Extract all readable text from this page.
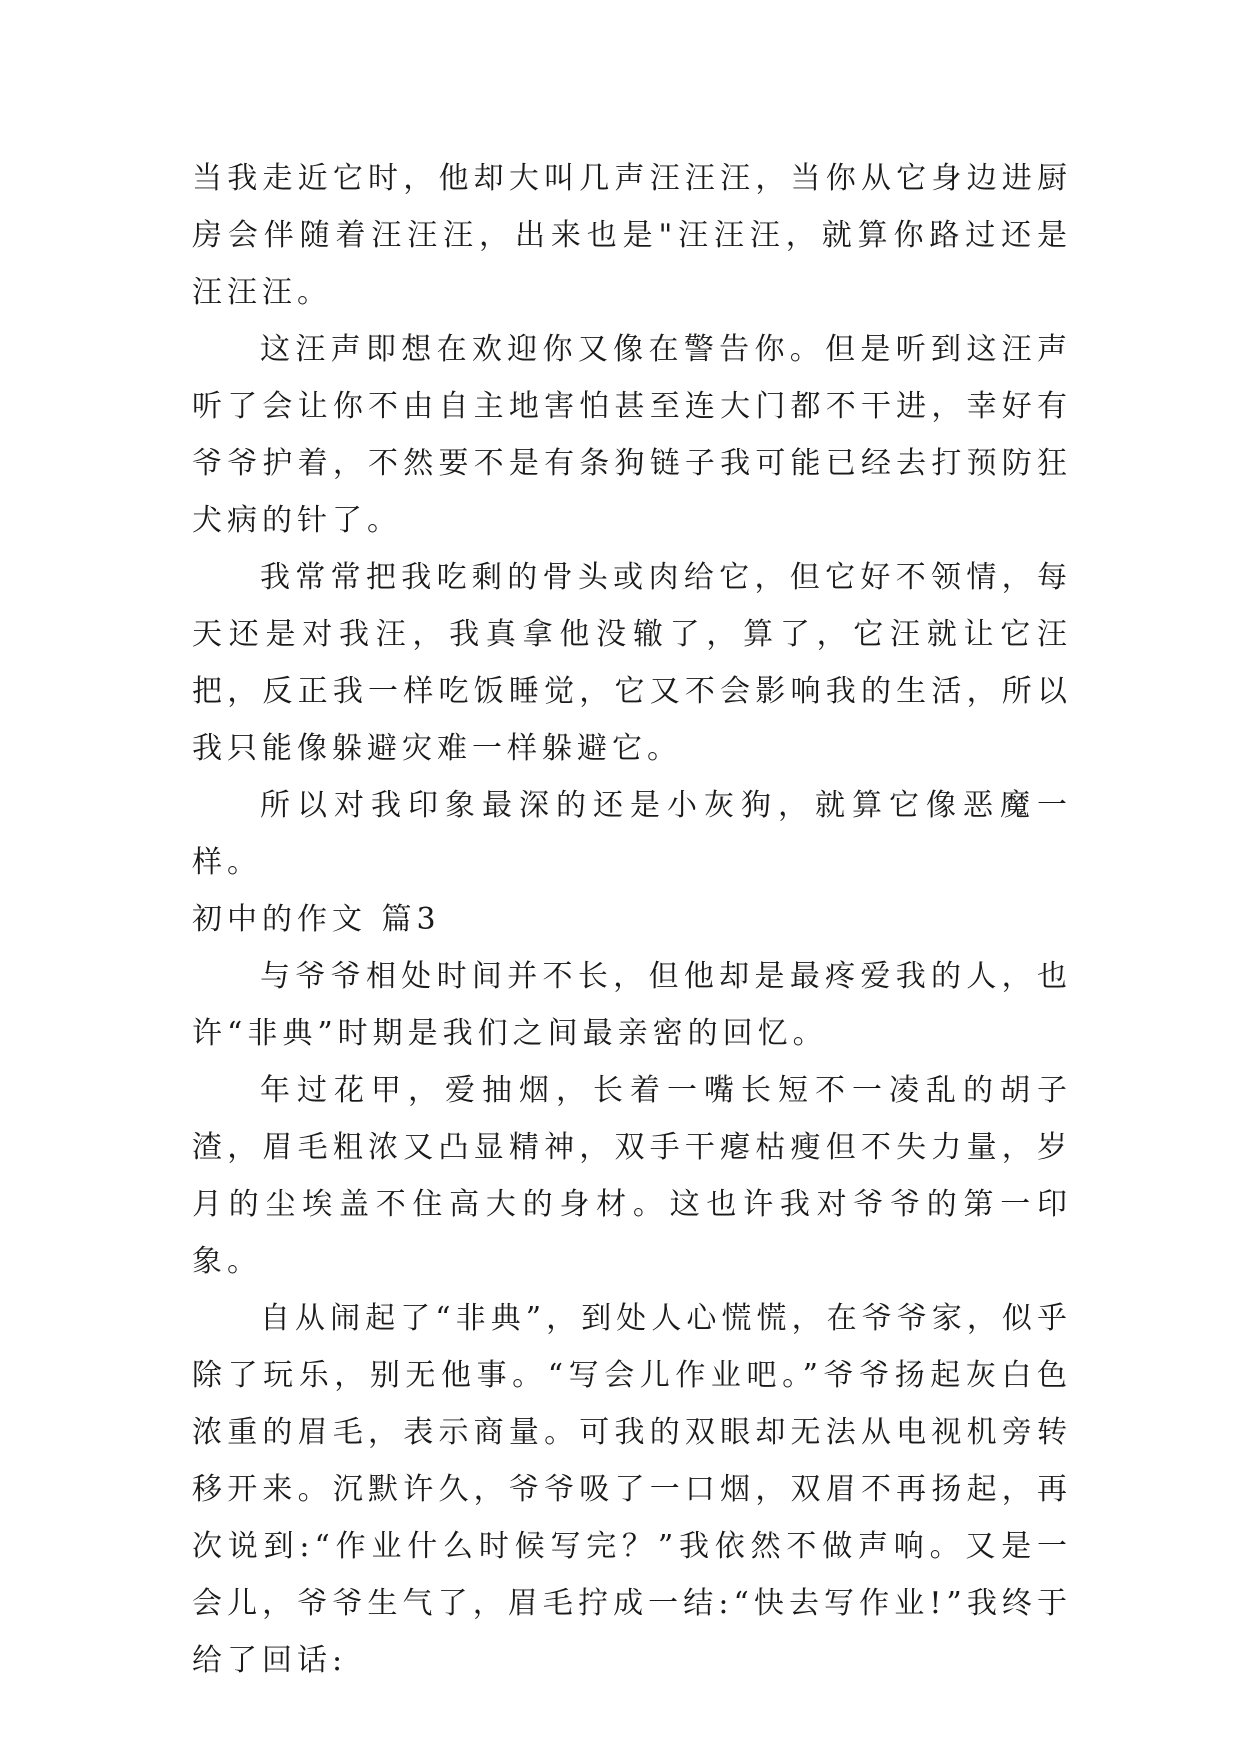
当我走近它时，他却大叫几声汪汪汪，当你从它身边进厨房会伴随着汪汪汪，出来也是"汪汪汪，就算你路过还是汪汪汪。

这汪声即想在欢迎你又像在警告你。但是听到这汪声听了会让你不由自主地害怕甚至连大门都不干进，幸好有爷爷护着，不然要不是有条狗链子我可能已经去打预防狂犬病的针了。

我常常把我吃剩的骨头或肉给它，但它好不领情，每天还是对我汪，我真拿他没辙了，算了，它汪就让它汪把，反正我一样吃饭睡觉，它又不会影响我的生活，所以我只能像躲避灾难一样躲避它。

所以对我印象最深的还是小灰狗，就算它像恶魔一样。

初中的作文 篇3

与爷爷相处时间并不长，但他却是最疼爱我的人，也许“非典”时期是我们之间最亲密的回忆。

年过花甲，爱抽烟，长着一嘴长短不一凌乱的胡子渣，眉毛粗浓又凸显精神，双手干瘪枯瘦但不失力量，岁月的尘埃盖不住高大的身材。这也许我对爷爷的第一印象。

自从闹起了“非典”，到处人心慌慌，在爷爷家，似乎除了玩乐，别无他事。“写会儿作业吧。”爷爷扬起灰白色浓重的眉毛，表示商量。可我的双眼却无法从电视机旁转移开来。沉默许久，爷爷吸了一口烟，双眉不再扬起，再次说到:“作业什么时候写完？”我依然不做声响。又是一会儿，爷爷生气了，眉毛拧成一结:“快去写作业!”我终于给了回话:
